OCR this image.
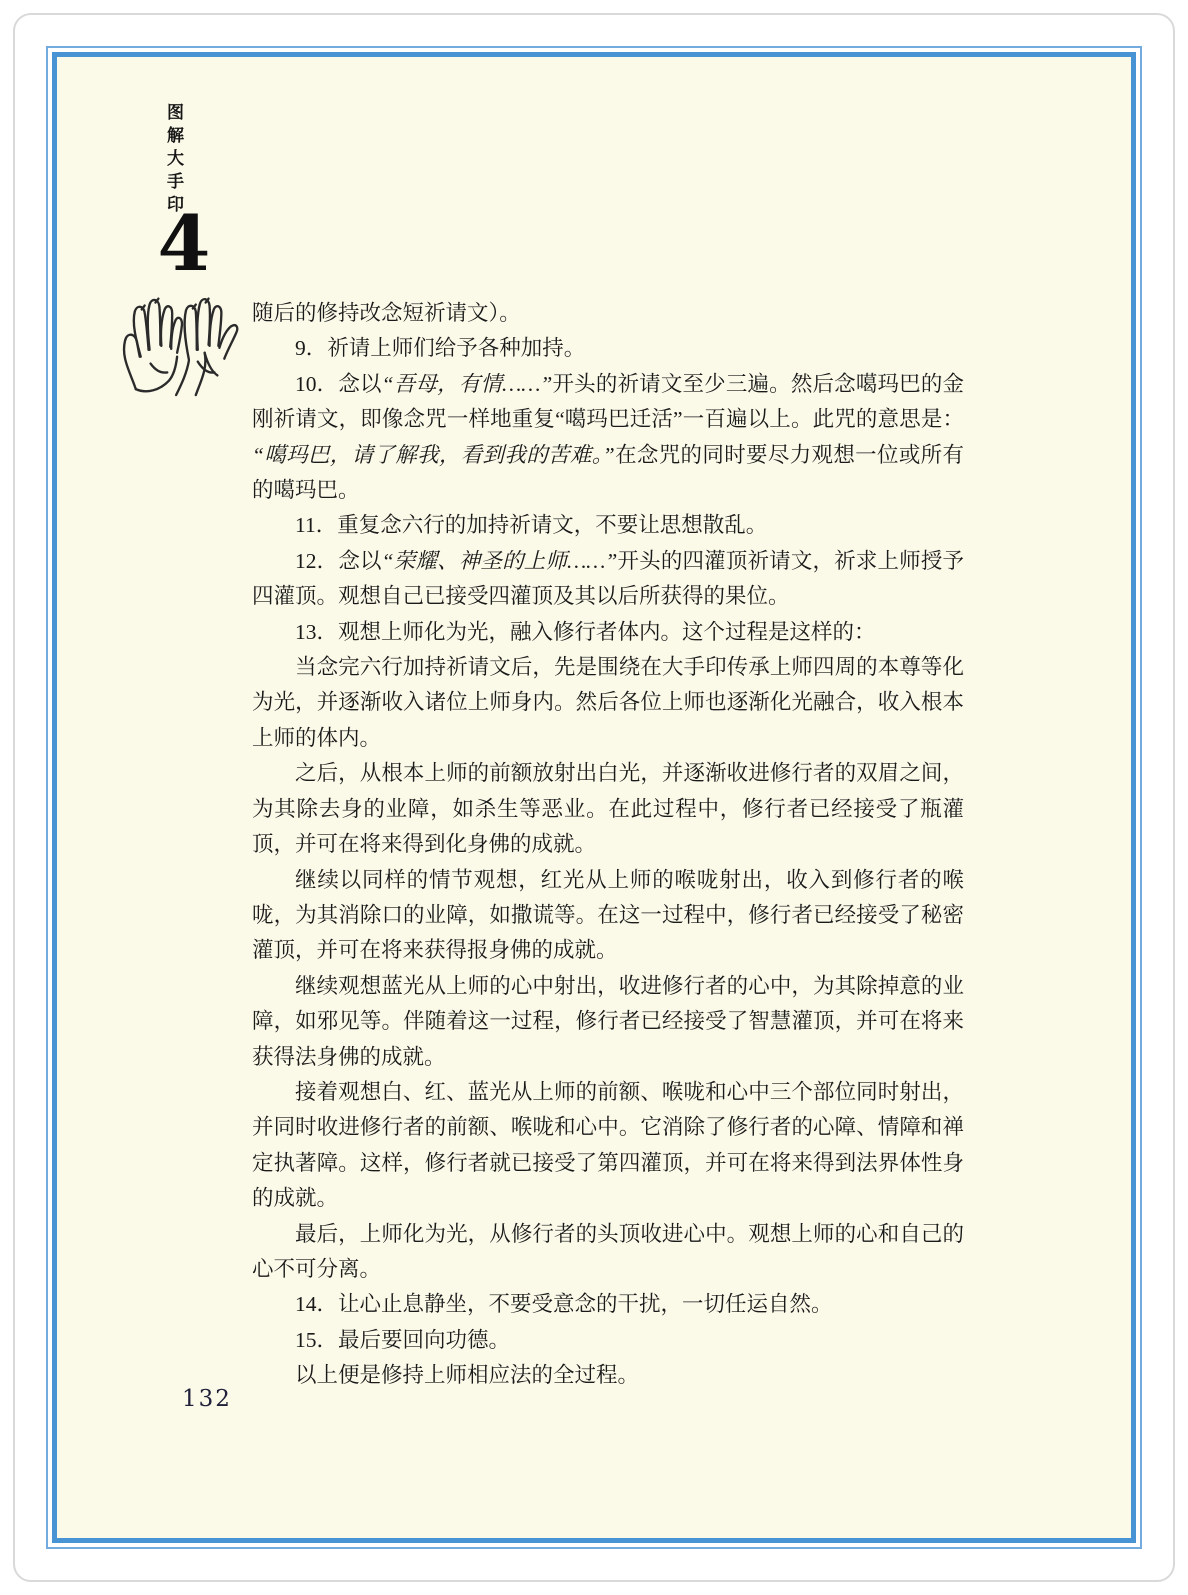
图解大手印
4

随后的修持改念短祈请文）。

9．祈请上师们给予各种加持。

10．念以“吾母，有情……”开头的祈请文至少三遍。然后念噶玛巴的金刚祈请文，即像念咒一样地重复“噶玛巴迁活”一百遍以上。此咒的意思是：“噶玛巴，请了解我，看到我的苦难。”在念咒的同时要尽力观想一位或所有的噶玛巴。

11．重复念六行的加持祈请文，不要让思想散乱。

12．念以“荣耀、神圣的上师……”开头的四灌顶祈请文，祈求上师授予四灌顶。观想自己已接受四灌顶及其以后所获得的果位。

13．观想上师化为光，融入修行者体内。这个过程是这样的：

当念完六行加持祈请文后，先是围绕在大手印传承上师四周的本尊等化为光，并逐渐收入诸位上师身内。然后各位上师也逐渐化光融合，收入根本上师的体内。

之后，从根本上师的前额放射出白光，并逐渐收进修行者的双眉之间，为其除去身的业障，如杀生等恶业。在此过程中，修行者已经接受了瓶灌顶，并可在将来得到化身佛的成就。

继续以同样的情节观想，红光从上师的喉咙射出，收入到修行者的喉咙，为其消除口的业障，如撒谎等。在这一过程中，修行者已经接受了秘密灌顶，并可在将来获得报身佛的成就。

继续观想蓝光从上师的心中射出，收进修行者的心中，为其除掉意的业障，如邪见等。伴随着这一过程，修行者已经接受了智慧灌顶，并可在将来获得法身佛的成就。

接着观想白、红、蓝光从上师的前额、喉咙和心中三个部位同时射出，并同时收进修行者的前额、喉咙和心中。它消除了修行者的心障、情障和禅定执著障。这样，修行者就已接受了第四灌顶，并可在将来得到法界体性身的成就。

最后，上师化为光，从修行者的头顶收进心中。观想上师的心和自己的心不可分离。

14．让心止息静坐，不要受意念的干扰，一切任运自然。

15．最后要回向功德。

以上便是修持上师相应法的全过程。

132
